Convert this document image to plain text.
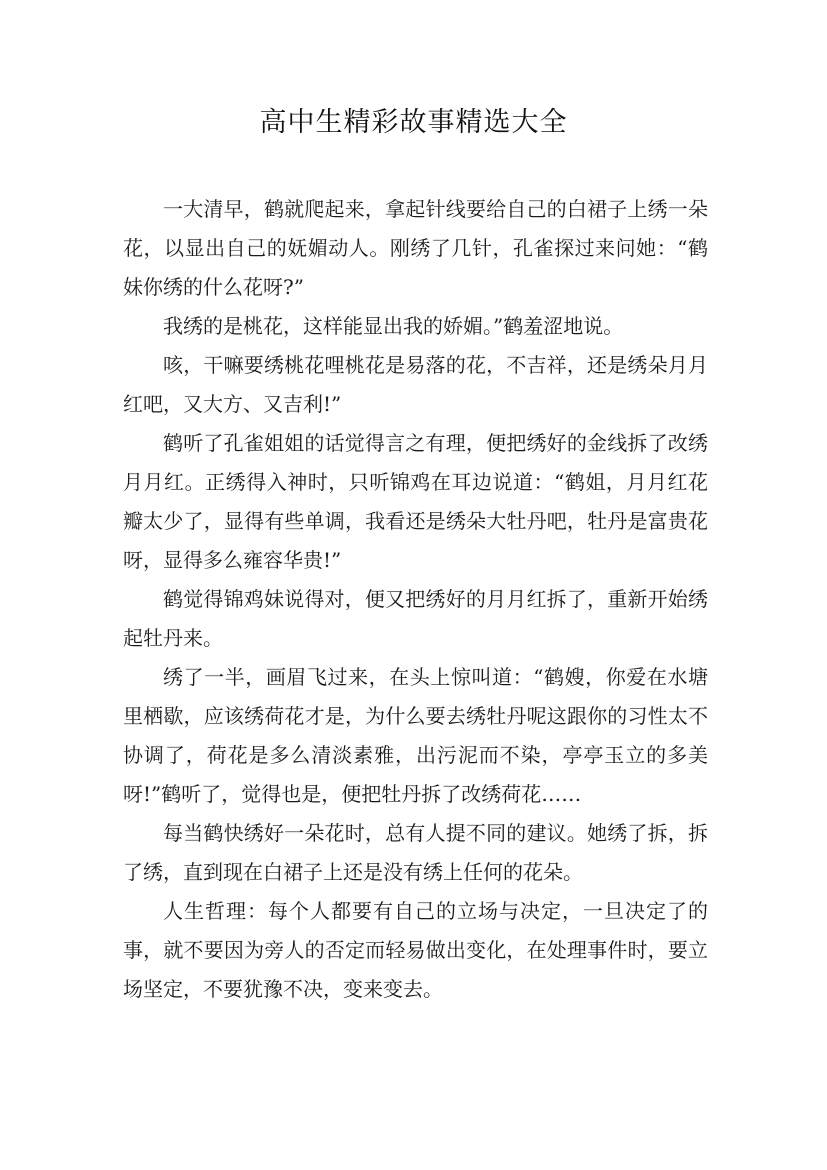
高中生精彩故事精选大全

一大清早，鹤就爬起来，拿起针线要给自己的白裙子上绣一朵花，以显出自己的妩媚动人。刚绣了几针，孔雀探过来问她：“鹤妹你绣的什么花呀?”

我绣的是桃花，这样能显出我的娇媚。”鹤羞涩地说。

咳，干嘛要绣桃花哩桃花是易落的花，不吉祥，还是绣朵月月红吧，又大方、又吉利!”

鹤听了孔雀姐姐的话觉得言之有理，便把绣好的金线拆了改绣月月红。正绣得入神时，只听锦鸡在耳边说道：“鹤姐，月月红花瓣太少了，显得有些单调，我看还是绣朵大牡丹吧，牡丹是富贵花呀，显得多么雍容华贵!”

鹤觉得锦鸡妹说得对，便又把绣好的月月红拆了，重新开始绣起牡丹来。

绣了一半，画眉飞过来，在头上惊叫道：“鹤嫂，你爱在水塘里栖歇，应该绣荷花才是，为什么要去绣牡丹呢这跟你的习性太不协调了，荷花是多么清淡素雅，出污泥而不染，亭亭玉立的多美呀!”鹤听了，觉得也是，便把牡丹拆了改绣荷花……

每当鹤快绣好一朵花时，总有人提不同的建议。她绣了拆，拆了绣，直到现在白裙子上还是没有绣上任何的花朵。

人生哲理：每个人都要有自己的立场与决定，一旦决定了的事，就不要因为旁人的否定而轻易做出变化，在处理事件时，要立场坚定，不要犹豫不决，变来变去。
